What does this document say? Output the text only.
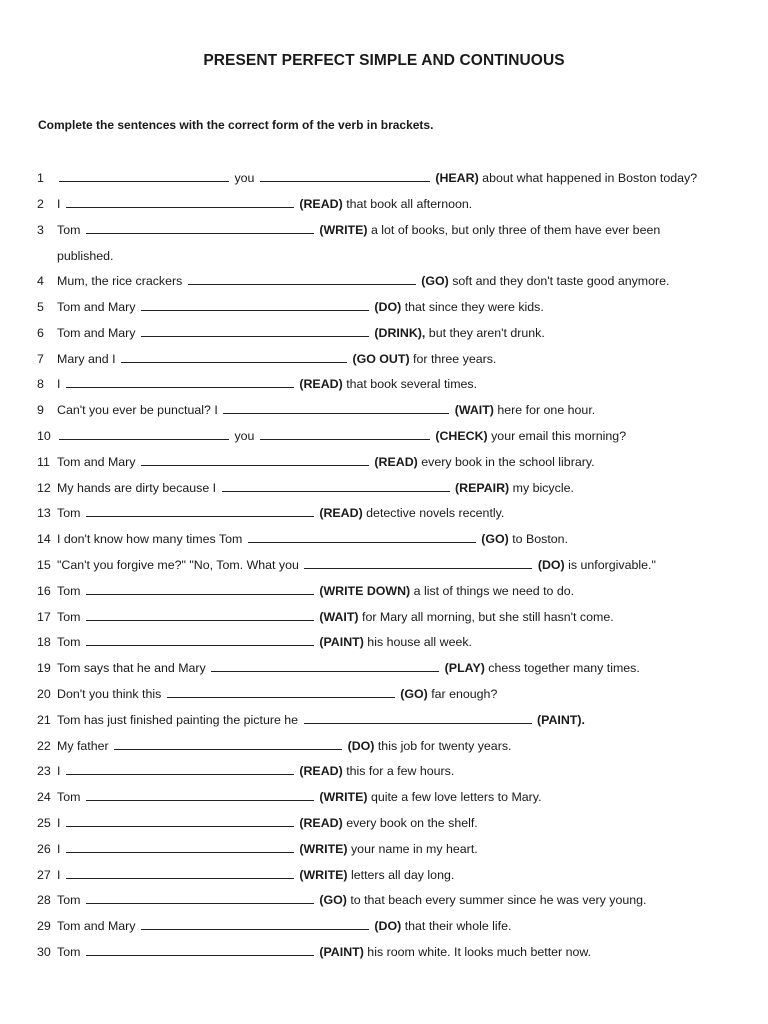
PRESENT PERFECT SIMPLE AND CONTINUOUS
Complete the sentences with the correct form of the verb in brackets.
1	you	(HEAR) about what happened in Boston today?
2 I	(READ) that book all afternoon.
3 Tom	(WRITE) a lot of books, but only three of them have ever been
published.
4 Mum, the rice crackers	(GO) soft and they don't taste good anymore.
5 Tom and Mary	(DO) that since they were kids.
6 Tom and Mary	(DRINK), but they aren't drunk.
7 Mary and I	(GO OUT) for three years.
8 I	(READ) that book several times.
9 Can't you ever be punctual? I	(WAIT) here for one hour.
10	you	(CHECK) your email this morning?
11 Tom and Mary	(READ) every book in the school library.
12 My hands are dirty because I	(REPAIR) my bicycle.
13 Tom	(READ) detective novels recently.
14 I don't know how many times Tom	(GO) to Boston.
15 "Can't you forgive me?" "No, Tom. What you	(DO) is unforgivable."
16 Tom	(WRITE DOWN) a list of things we need to do.
17 Tom	(WAIT) for Mary all morning, but she still hasn't come.
18 Tom	(PAINT) his house all week.
19 Tom says that he and Mary	(PLAY) chess together many times.
20 Don't you think this	(GO) far enough?
21 Tom has just finished painting the picture he	(PAINT).
22 My father	(DO) this job for twenty years.
23 I	(READ) this for a few hours.
24 Tom	(WRITE) quite a few love letters to Mary.
25 I	(READ) every book on the shelf.
26 I	(WRITE) your name in my heart.
27 I	(WRITE) letters all day long.
28 Tom	(GO) to that beach every summer since he was very young.
29 Tom and Mary	(DO) that their whole life.
30 Tom	(PAINT) his room white. It looks much better now.
